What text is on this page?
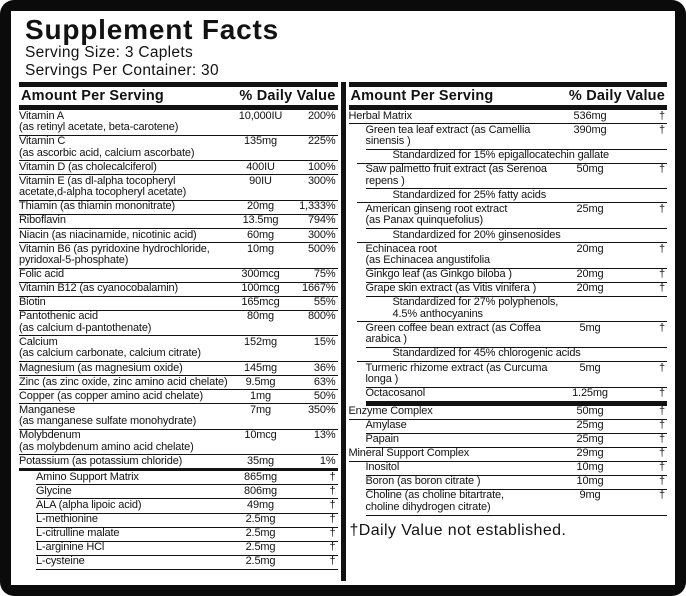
Supplement Facts
Serving Size: 3 Caplets
Servings Per Container: 30
Amount Per Serving	% Daily Value
Vitamin A
(as retinyl acetate, beta-carotene)
10,000IU	200%
Vitamin C
(as ascorbic acid, calcium ascorbate)
135mg	225%
Vitamin D (as cholecalciferol)	400IU	100%
Vitamin E (as dl-alpha tocopheryl
acetate,d-alpha tocopheryl acetate)
90IU	300%
Thiamin (as thiamin mononitrate)	20mg	1,333%
Riboflavin	13.5mg	794%
Niacin (as niacinamide, nicotinic acid)	60mg	300%
Vitamin B6 (as pyridoxine hydrochloride,
pyridoxal-5-phosphate)
10mg	500%
Folic acid	300mcg	75%
Vitamin B12 (as cyanocobalamin)	100mcg	1667%
Biotin	165mcg	55%
Pantothenic acid
(as calcium d-pantothenate)
80mg	800%
Calcium
(as calcium carbonate, calcium citrate)
152mg	15%
Magnesium (as magnesium oxide)	145mg	36%
Zinc (as zinc oxide, zinc amino acid chelate)	9.5mg	63%
Copper (as copper amino acid chelate)	1mg	50%
Manganese
(as manganese sulfate monohydrate)
7mg	350%
Molybdenum
(as molybdenum amino acid chelate)
10mcg	13%
Potassium (as potassium chloride)	35mg	1%
Amino Support Matrix	865mg	†
Glycine	806mg	†
ALA (alpha lipoic acid)	49mg	†
L-methionine	2.5mg	†
L-citrulline malate	2.5mg	†
L-arginine HCl	2.5mg	†
L-cysteine	2.5mg	†
Amount Per Serving	% Daily Value
Herbal Matrix	536mg	†
Green tea leaf extract (as Camellia sinensis )
390mg	†
Standardized for 15% epigallocatechin gallate
Saw palmetto fruit extract (as Serenoa repens )
50mg	†
Standardized for 25% fatty acids
American ginseng root extract
(as Panax quinquefolius)
25mg	†
Standardized for 20% ginsenosides
Echinacea root
(as Echinacea angustifolia
20mg	†
Ginkgo leaf (as Ginkgo biloba )	20mg	†
Grape skin extract (as Vitis vinifera )	20mg	†
Standardized for 27% polyphenols,
4.5% anthocyanins
Green coffee bean extract (as Coffea arabica )
5mg	†
Standardized for 45% chlorogenic acids
Turmeric rhizome extract (as Curcuma longa )
5mg	†
Octacosanol	1.25mg	†
Enzyme Complex	50mg	†
Amylase	25mg	†
Papain	25mg	†
Mineral Support Complex	29mg	†
Inositol	10mg	†
Boron (as boron citrate )	10mg	†
Choline (as choline bitartrate,
choline dihydrogen citrate)
9mg	†
†Daily Value not established.
